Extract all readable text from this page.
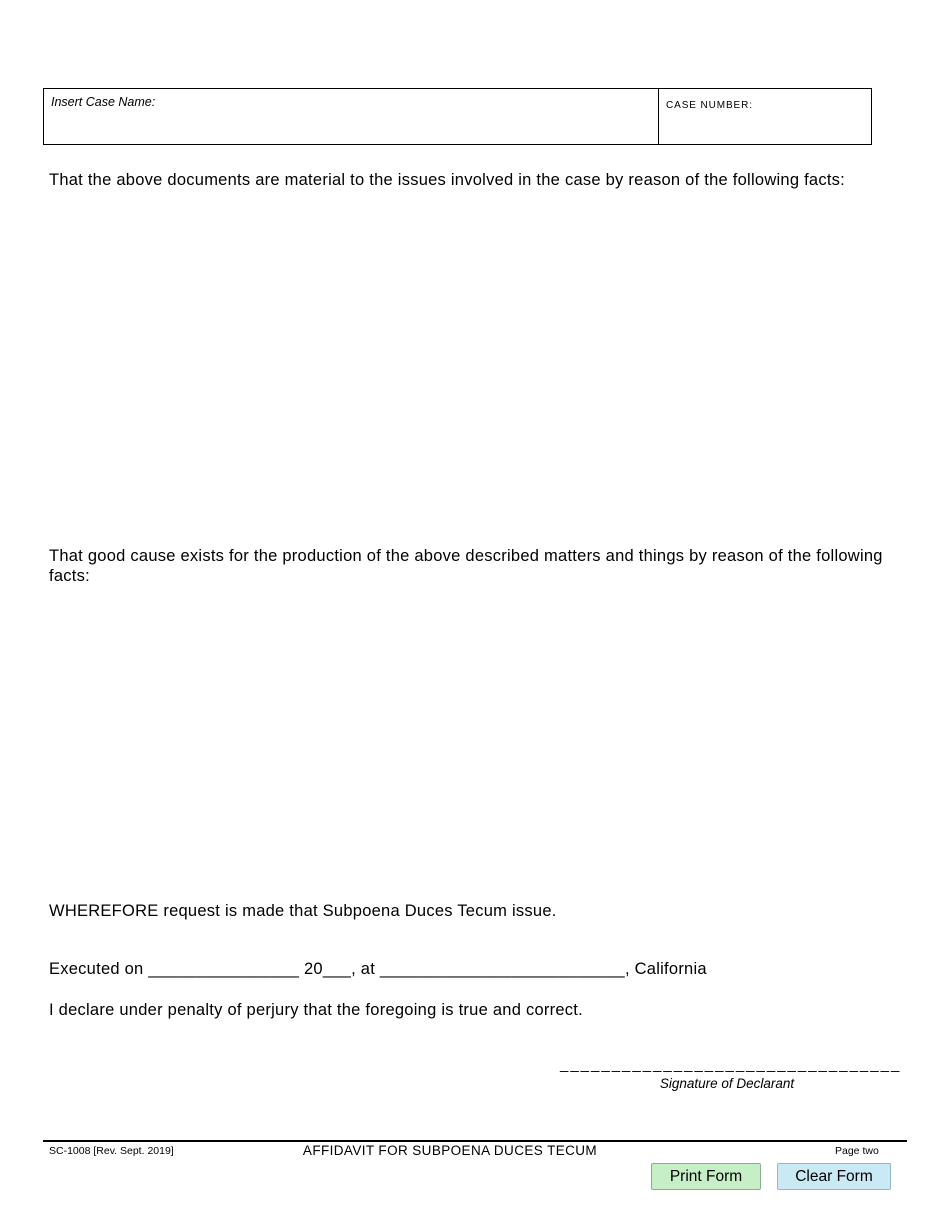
Insert Case Name:	CASE NUMBER:
That the above documents are material to the issues involved in the case by reason of the following facts:
That good cause exists for the production of the above described matters and things by reason of the following facts:
WHEREFORE request is made that Subpoena Duces Tecum issue.
Executed on ________________ 20___, at __________________________, California
I declare under penalty of perjury that the foregoing is true and correct.
_________________________________
Signature of Declarant
SC-1008 [Rev. Sept. 2019]	AFFIDAVIT FOR SUBPOENA DUCES TECUM	Page two
Print Form	Clear Form
